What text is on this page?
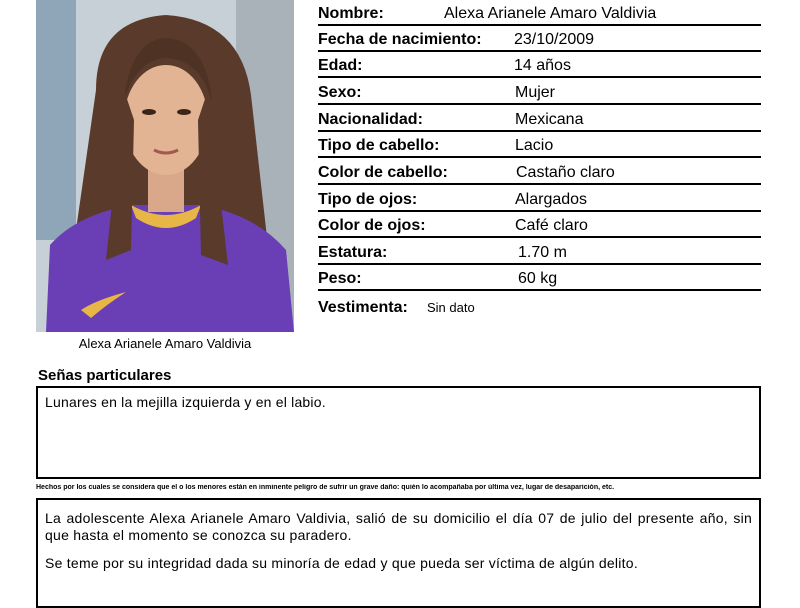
Alexa Arianele Amaro Valdivia
Nombre:	Alexa Arianele Amaro Valdivia
Fecha de nacimiento: 23/10/2009
Edad:	14 años
Sexo:	Mujer
Nacionalidad:	Mexicana
Tipo de cabello:	Lacio
Color de cabello:	Castaño claro
Tipo de ojos:	Alargados
Color de ojos:	Café claro
Estatura:	1.70 m
Peso:	60 kg
Vestimenta: Sin dato
Señas particulares
Lunares en la mejilla izquierda y en el labio.
Hechos por los cuales se considera que el o los menores están en inminente peligro de sufrir un grave daño: quién lo acompañaba por última vez, lugar de desaparición, etc.

La adolescente Alexa Arianele Amaro Valdivia, salió de su domicilio el día 07 de julio del presente año, sin que hasta el momento se conozca su paradero.

Se teme por su integridad dada su minoría de edad y que pueda ser víctima de algún delito.
